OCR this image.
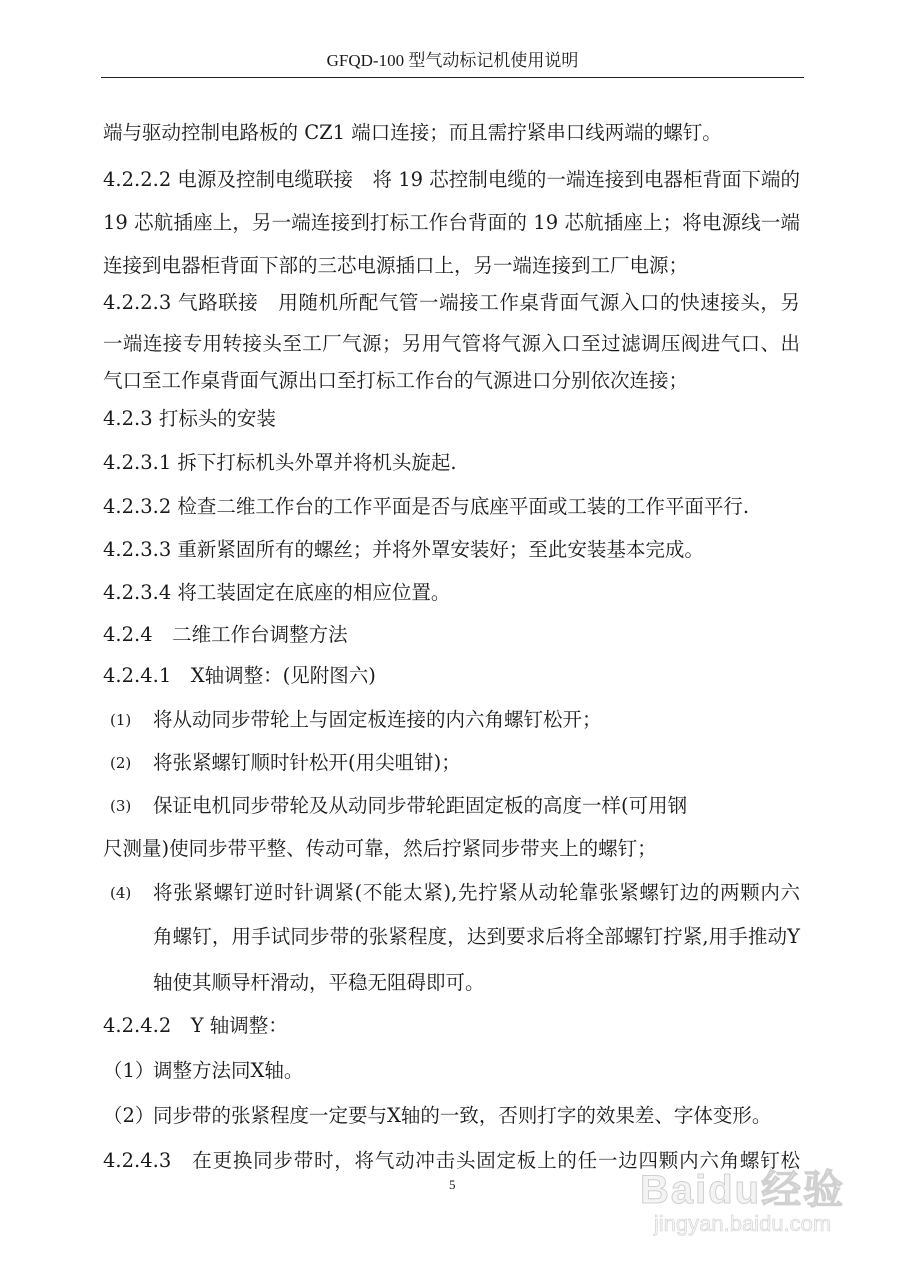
GFQD-100 型气动标记机使用说明
端与驱动控制电路板的 CZ1 端口连接；而且需拧紧串口线两端的螺钉。
4.2.2.2 电源及控制电缆联接　将 19 芯控制电缆的一端连接到电器柜背面下端的
19 芯航插座上，另一端连接到打标工作台背面的 19 芯航插座上；将电源线一端
连接到电器柜背面下部的三芯电源插口上，另一端连接到工厂电源；
4.2.2.3 气路联接　用随机所配气管一端接工作桌背面气源入口的快速接头，另
一端连接专用转接头至工厂气源；另用气管将气源入口至过滤调压阀进气口、出
气口至工作桌背面气源出口至打标工作台的气源进口分别依次连接；
4.2.3 打标头的安装
4.2.3.1 拆下打标机头外罩并将机头旋起.
4.2.3.2 检查二维工作台的工作平面是否与底座平面或工装的工作平面平行.
4.2.3.3 重新紧固所有的螺丝；并将外罩安装好；至此安装基本完成。
4.2.3.4 将工装固定在底座的相应位置。
4.2.4　二维工作台调整方法
4.2.4.1　X轴调整：(见附图六)
(1) 将从动同步带轮上与固定板连接的内六角螺钉松开；
(2) 将张紧螺钉顺时针松开(用尖咀钳)；
(3) 保证电机同步带轮及从动同步带轮距固定板的高度一样(可用钢
尺测量)使同步带平整、传动可靠，然后拧紧同步带夹上的螺钉；
(4) 将张紧螺钉逆时针调紧(不能太紧),先拧紧从动轮靠张紧螺钉边的两颗内六
角螺钉，用手试同步带的张紧程度，达到要求后将全部螺钉拧紧,用手推动Y
轴使其顺导杆滑动，平稳无阻碍即可。
4.2.4.2　Y 轴调整：
（1）
调整方法同X轴。
（2）
同步带的张紧程度一定要与X轴的一致，否则打字的效果差、字体变形。
4.2.4.3　在更换同步带时，将气动冲击头固定板上的任一边四颗内六角螺钉松
5	Baidu经验
jingyan.baidu.com
